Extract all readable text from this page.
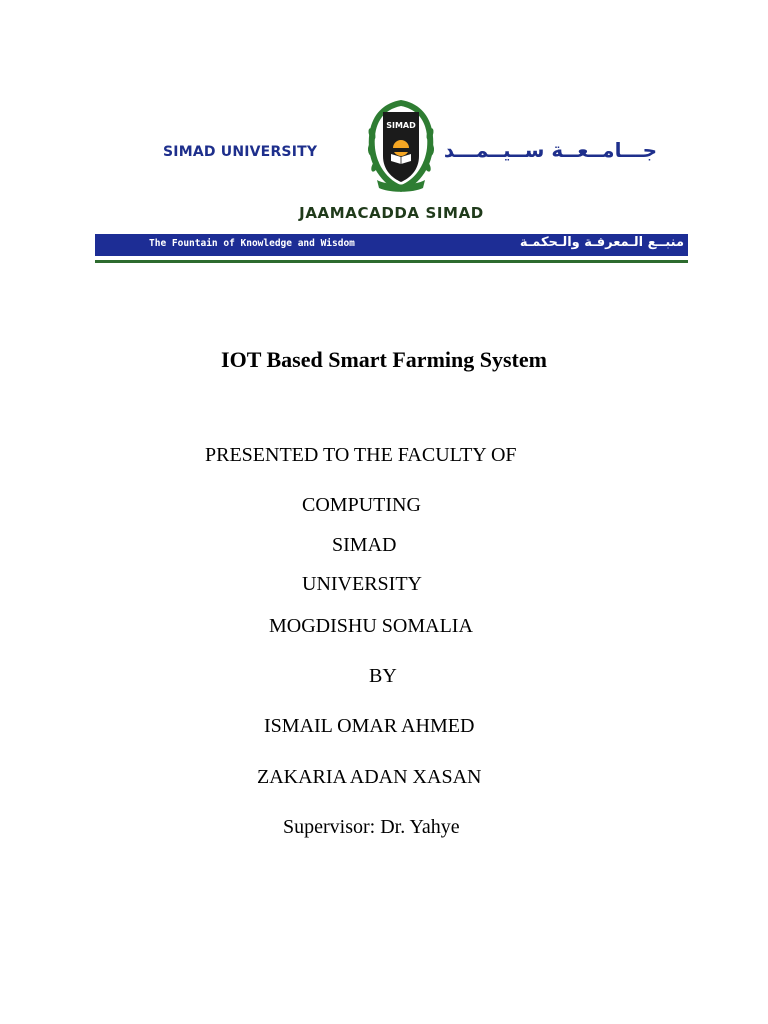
SIMAD UNIVERSITY
SIMAD
جـــامــعــة ســيــمـــد
JAAMACADDA SIMAD
The Fountain of Knowledge and Wisdom	منبــع الـمعرفـة والـحكمـة
IOT Based Smart Farming System
PRESENTED TO THE FACULTY OF
COMPUTING
SIMAD
UNIVERSITY
MOGDISHU SOMALIA
BY
ISMAIL OMAR AHMED
ZAKARIA ADAN XASAN
Supervisor: Dr. Yahye
